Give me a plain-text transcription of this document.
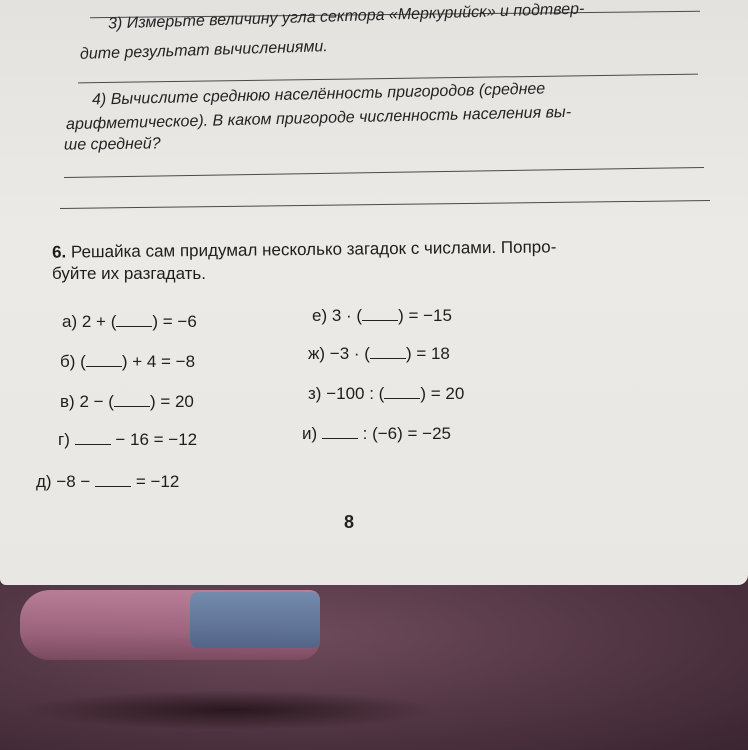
3) Измерьте величину угла сектора «Меркурийск» и подтвер-
дите результат вычислениями.
4) Вычислите среднюю населённость пригородов (среднее
арифметическое). В каком пригороде численность населения вы-
ше средней?
6. Решайка сам придумал несколько загадок с числами. Попро-
буйте их разгадать.
а) 2 + ( ) = −6
б) ( ) + 4 = −8
в) 2 − ( ) = 20
г)	− 16 = −12
д) −8 −	= −12
е) 3 · ( ) = −15
ж) −3 · ( ) = 18
з) −100 : ( ) = 20
и)	: (−6) = −25
8
